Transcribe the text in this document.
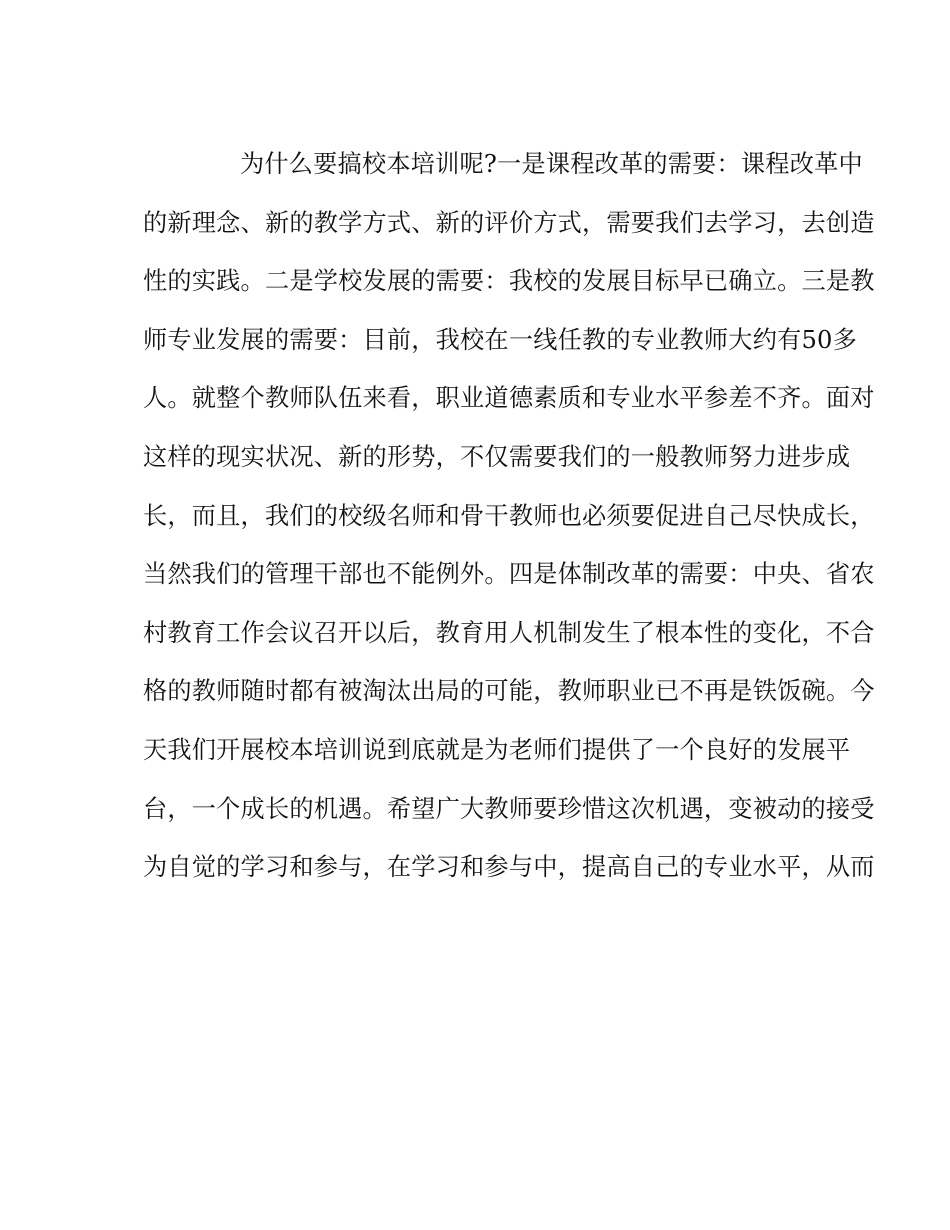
为什么要搞校本培训呢?一是课程改革的需要：课程改革中
的新理念、新的教学方式、新的评价方式，需要我们去学习，去创造
性的实践。二是学校发展的需要：我校的发展目标早已确立。三是教
师专业发展的需要：目前，我校在一线任教的专业教师大约有50多
人。就整个教师队伍来看，职业道德素质和专业水平参差不齐。面对
这样的现实状况、新的形势，不仅需要我们的一般教师努力进步成
长，而且，我们的校级名师和骨干教师也必须要促进自己尽快成长，
当然我们的管理干部也不能例外。四是体制改革的需要：中央、省农
村教育工作会议召开以后，教育用人机制发生了根本性的变化，不合
格的教师随时都有被淘汰出局的可能，教师职业已不再是铁饭碗。今
天我们开展校本培训说到底就是为老师们提供了一个良好的发展平
台，一个成长的机遇。希望广大教师要珍惜这次机遇，变被动的接受
为自觉的学习和参与，在学习和参与中，提高自己的专业水平，从而
